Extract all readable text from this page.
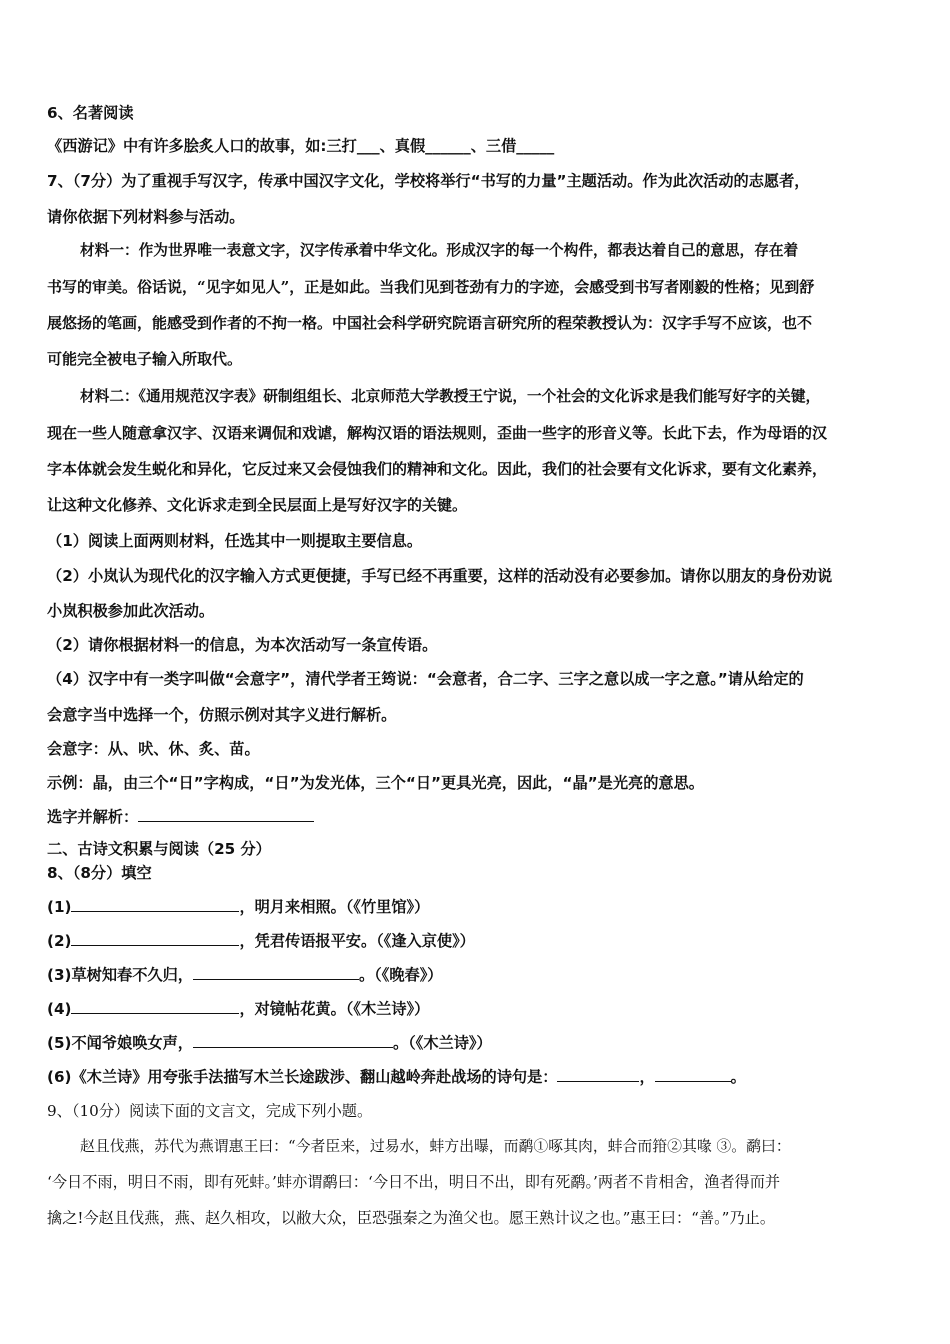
6、名著阅读
《西游记》中有许多脍炙人口的故事，如:三打___、真假______、三借_____
7、（7分）为了重视手写汉字，传承中国汉字文化，学校将举行“书写的力量”主题活动。作为此次活动的志愿者，
请你依据下列材料参与活动。
材料一：作为世界唯一表意文字，汉字传承着中华文化。形成汉字的每一个构件，都表达着自己的意思，存在着
书写的审美。俗话说，“见字如见人”，正是如此。当我们见到苍劲有力的字迹，会感受到书写者刚毅的性格；见到舒
展悠扬的笔画，能感受到作者的不拘一格。中国社会科学研究院语言研究所的程荣教授认为：汉字手写不应该，也不
可能完全被电子输入所取代。
材料二：《通用规范汉字表》研制组组长、北京师范大学教授王宁说，一个社会的文化诉求是我们能写好字的关键，
现在一些人随意拿汉字、汉语来调侃和戏谑，解构汉语的语法规则，歪曲一些字的形音义等。长此下去，作为母语的汉
字本体就会发生蜕化和异化，它反过来又会侵蚀我们的精神和文化。因此，我们的社会要有文化诉求，要有文化素养，
让这种文化修养、文化诉求走到全民层面上是写好汉字的关键。
（1）阅读上面两则材料，任选其中一则提取主要信息。
（2）小岚认为现代化的汉字输入方式更便捷，手写已经不再重要，这样的活动没有必要参加。请你以朋友的身份劝说
小岚积极参加此次活动。
（2）请你根据材料一的信息，为本次活动写一条宣传语。
（4）汉字中有一类字叫做“会意字”，清代学者王筠说：“会意者，合二字、三字之意以成一字之意。”请从给定的
会意字当中选择一个，仿照示例对其字义进行解析。
会意字：从、吠、休、炙、苗。
示例：晶，由三个“日”字构成，“日”为发光体，三个“日”更具光亮，因此，“晶”是光亮的意思。
选字并解析：
二、古诗文积累与阅读（25 分）
8、（8分）填空
(1)	，明月来相照。（《竹里馆》）
(2)	，凭君传语报平安。（《逢入京使》）
(3)草树知春不久归，	。（《晚春》）
(4)	，对镜帖花黄。（《木兰诗》）
(5)不闻爷娘唤女声，	。（《木兰诗》）
(6)《木兰诗》用夸张手法描写木兰长途跋涉、翻山越岭奔赴战场的诗句是：	，	。
9、（10分）阅读下面的文言文，完成下列小题。
赵且伐燕，苏代为燕谓惠王曰：“今者臣来，过易水，蚌方出曝，而鹬①啄其肉，蚌合而箝②其喙 ③。鹬曰：
‘今日不雨，明日不雨，即有死蚌。’蚌亦谓鹬曰：‘今日不出，明日不出，即有死鹬。’两者不肯相舍，渔者得而并
擒之!今赵且伐燕，燕、赵久相攻，以敝大众，臣恐强秦之为渔父也。愿王熟计议之也。”惠王曰：“善。”乃止。
